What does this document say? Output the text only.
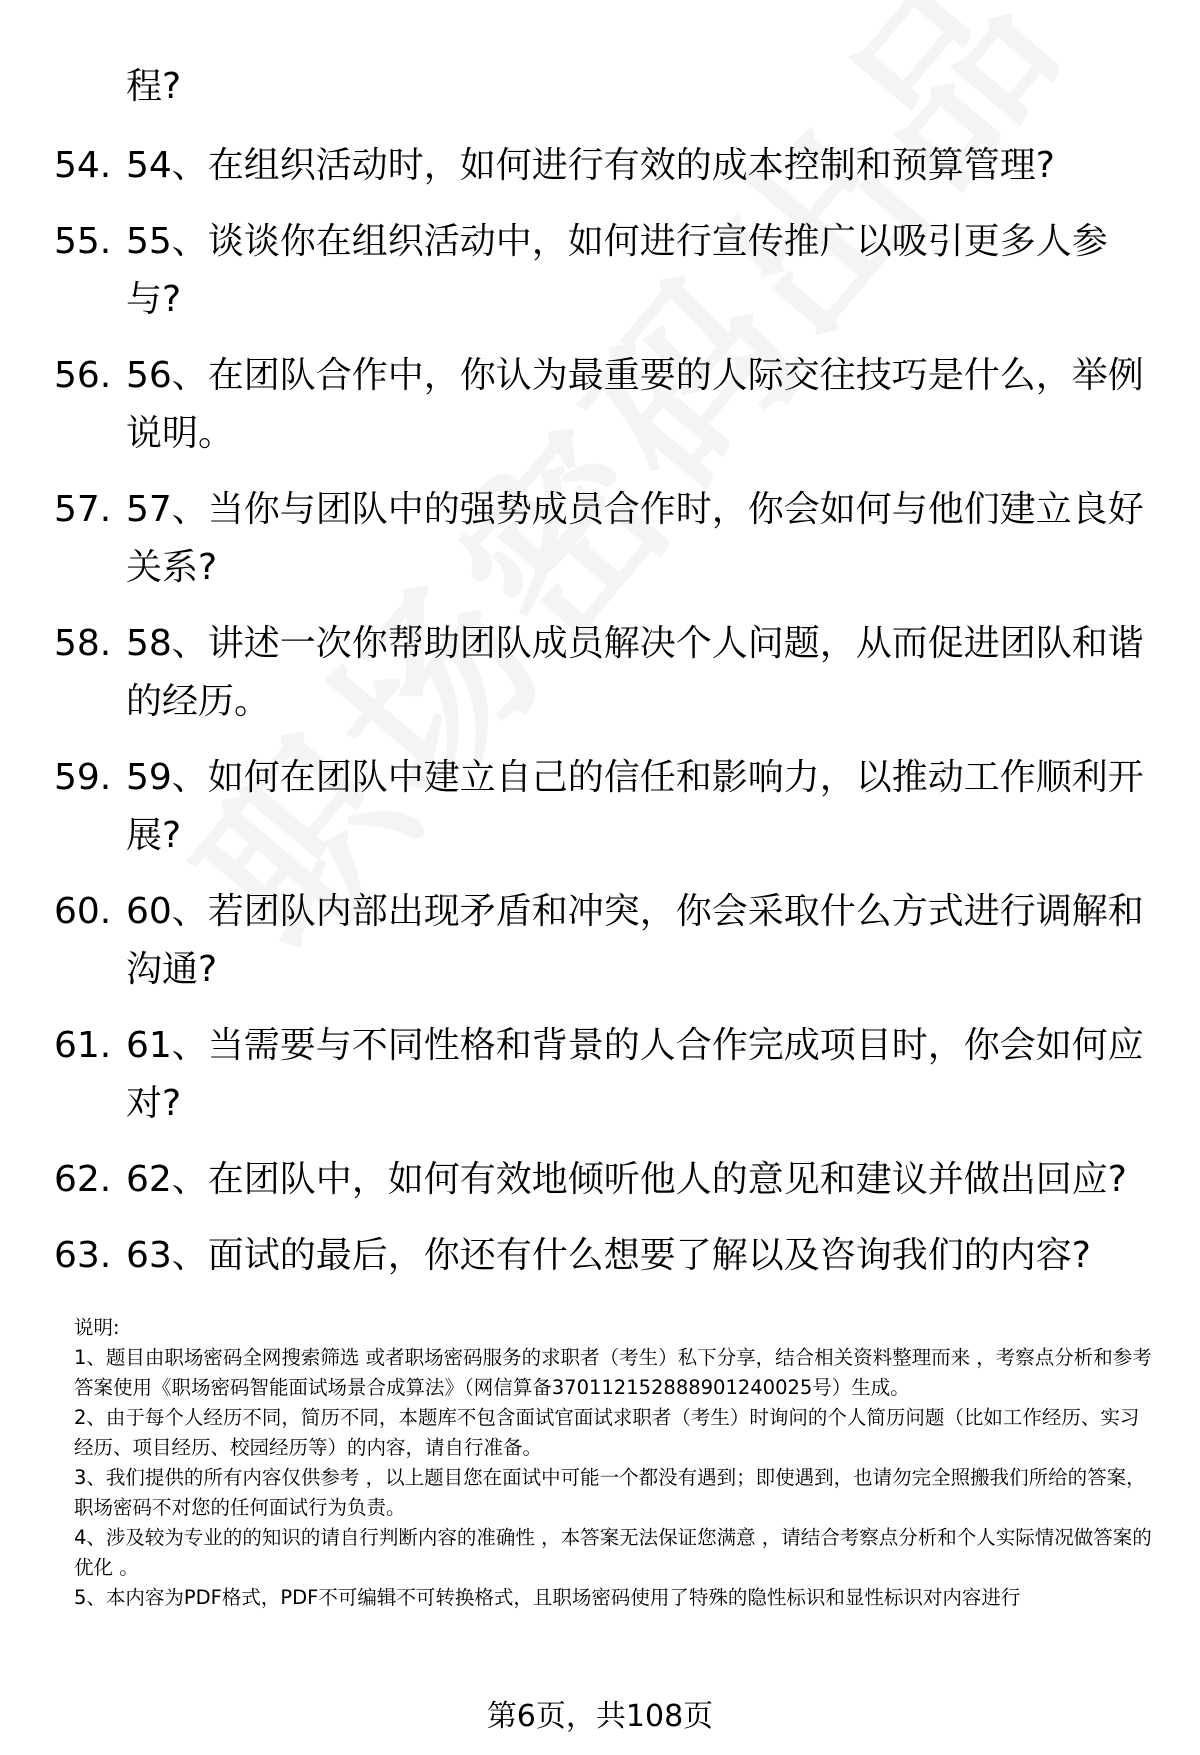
程?
54. 54、在组织活动时，如何进行有效的成本控制和预算管理?
55. 55、谈谈你在组织活动中，如何进行宣传推广以吸引更多人参与?
56. 56、在团队合作中，你认为最重要的人际交往技巧是什么，举例说明。
57. 57、当你与团队中的强势成员合作时，你会如何与他们建立良好关系?
58. 58、讲述一次你帮助团队成员解决个人问题，从而促进团队和谐的经历。
59. 59、如何在团队中建立自己的信任和影响力，以推动工作顺利开展?
60. 60、若团队内部出现矛盾和冲突，你会采取什么方式进行调解和沟通?
61. 61、当需要与不同性格和背景的人合作完成项目时，你会如何应对?
62. 62、在团队中，如何有效地倾听他人的意见和建议并做出回应?
63. 63、面试的最后，你还有什么想要了解以及咨询我们的内容?

说明:

1、题目由职场密码全网搜索筛选 或者职场密码服务的求职者（考生）私下分享，结合相关资料整理而来 ，考察点分析和参考答案使用《职场密码智能面试场景合成算法》（网信算备370112152888901240025号）生成。

2、由于每个人经历不同，简历不同，本题库不包含面试官面试求职者（考生）时询问的个人简历问题（比如工作经历、实习经历、项目经历、校园经历等）的内容，请自行准备。

3、我们提供的所有内容仅供参考 ，以上题目您在面试中可能一个都没有遇到；即使遇到，也请勿完全照搬我们所给的答案，职场密码不对您的任何面试行为负责。

4、涉及较为专业的的知识的请自行判断内容的准确性 ，本答案无法保证您满意 ，请结合考察点分析和个人实际情况做答案的优化 。

5、本内容为PDF格式，PDF不可编辑不可转换格式，且职场密码使用了特殊的隐性标识和显性标识对内容进行

第6页，共108页
